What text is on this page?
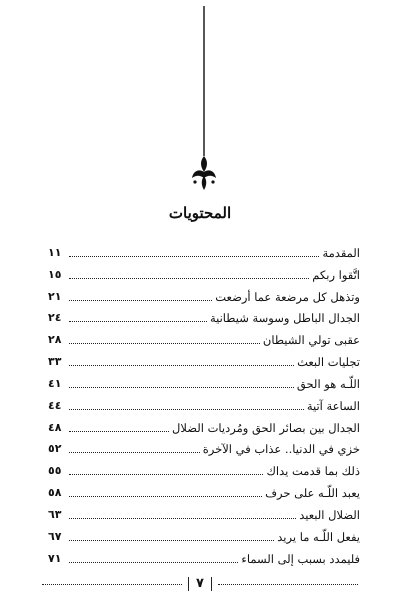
المحتويات
المقدمة
١١
اتَّقوا ربكم
١٥
وتذهل كل مرضعة عما أرضعت
٢١
الجدال الباطل وسوسة شيطانية
٢٤
عقبى تولي الشيطان
٢٨
تجليات البعث
٣٣
اللّـه هو الحق
٤١
الساعة آتية
٤٤
الجدال بين بصائر الحق ومُرديات الضلال
٤٨
خزي في الدنيا.. عذاب في الآخرة
٥٢
ذلك بما قدمت يداك
٥٥
يعبد اللّـه على حرف
٥٨
الضلال البعيد
٦٣
يفعل اللّـه ما يريد
٦٧
فليمدد بسبب إلى السماء
٧١
٧
